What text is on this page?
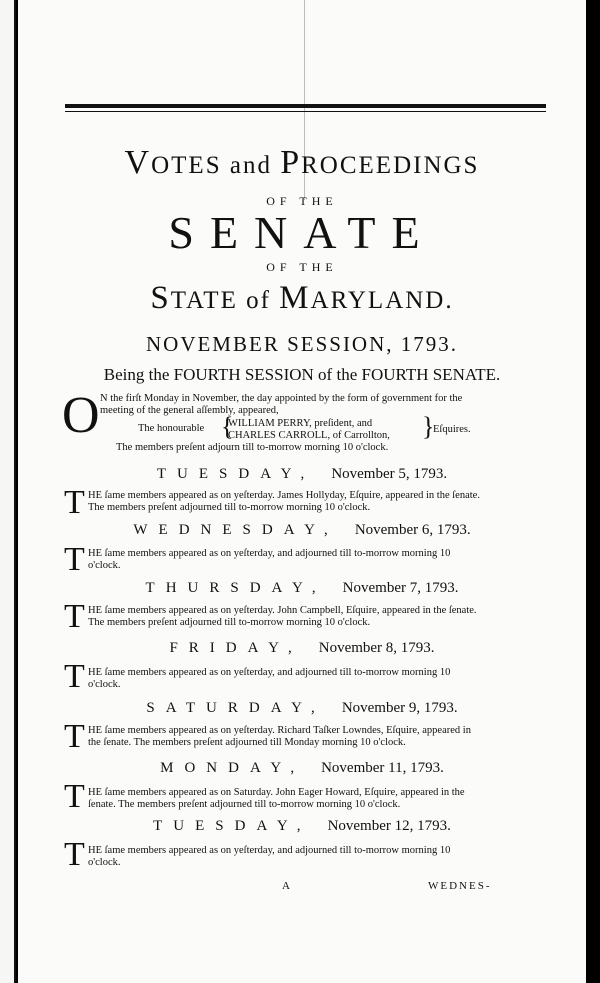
VOTES and PROCEEDINGS
OF THE
SENATE
OF THE
STATE of MARYLAND.
NOVEMBER SESSION, 1793.
Being the FOURTH SESSION of the FOURTH SENATE.
O N the firſt Monday in November, the day appointed by the form of government for the
meeting of the general aſſembly, appeared,
The honourable {
WILLIAM PERRY, preſident, and
CHARLES CARROLL, of Carrollton, }
Eſquires.
The members preſent adjourn till to-morrow morning 10 o'clock.
TUESDAY, November 5, 1793.
T HE ſame members appeared as on yeſterday. James Hollyday, Eſquire, appeared in the ſenate.
The members preſent adjourned till to-morrow morning 10 o'clock.
WEDNESDAY, November 6, 1793.
T HE ſame members appeared as on yeſterday, and adjourned till to-morrow morning 10
o'clock.
THURSDAY, November 7, 1793.
T HE ſame members appeared as on yeſterday. John Campbell, Eſquire, appeared in the ſenate.
The members preſent adjourned till to-morrow morning 10 o'clock.
FRIDAY, November 8, 1793.
T HE ſame members appeared as on yeſterday, and adjourned till to-morrow morning 10
o'clock.
SATURDAY, November 9, 1793.
T HE ſame members appeared as on yeſterday. Richard Taſker Lowndes, Eſquire, appeared in
the ſenate. The members preſent adjourned till Monday morning 10 o'clock.
MONDAY, November 11, 1793.
T HE ſame members appeared as on Saturday. John Eager Howard, Eſquire, appeared in the
ſenate. The members preſent adjourned till to-morrow morning 10 o'clock.
TUESDAY, November 12, 1793.
T HE ſame members appeared as on yeſterday, and adjourned till to-morrow morning 10
o'clock.
A	WEDNES-
